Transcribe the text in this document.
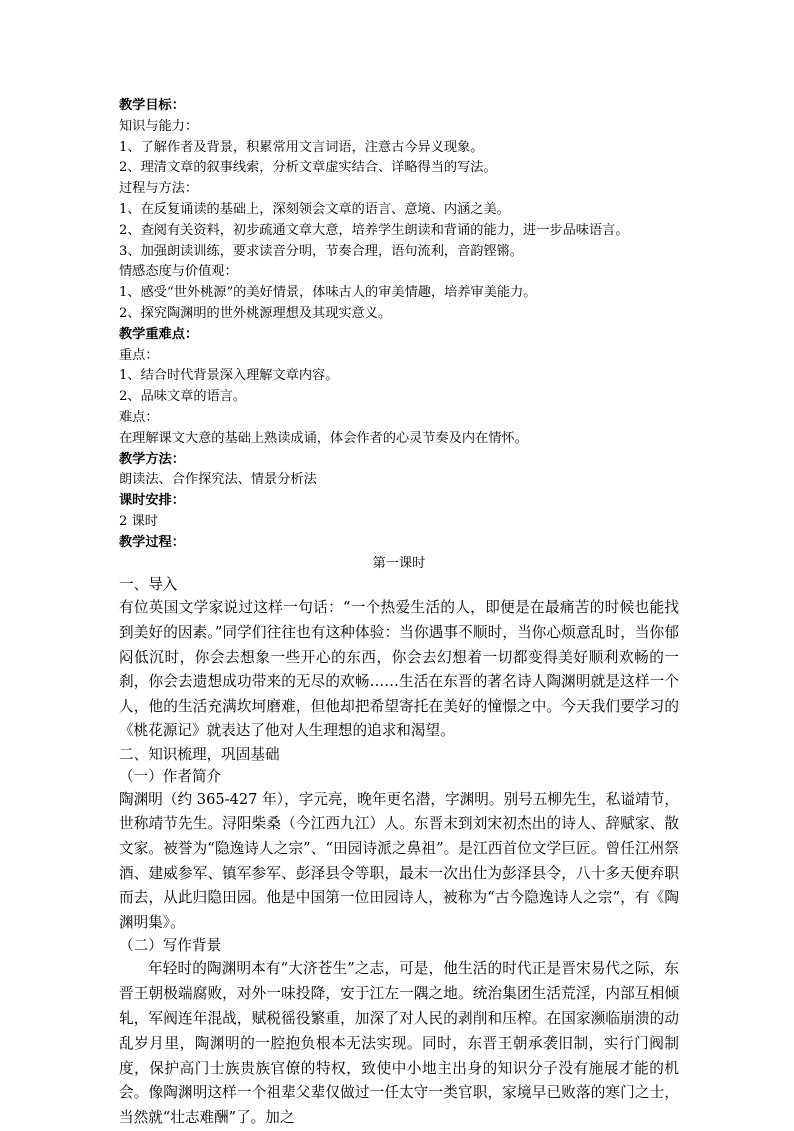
教学目标：
知识与能力：
1、了解作者及背景，积累常用文言词语，注意古今异义现象。
2、理清文章的叙事线索，分析文章虚实结合、详略得当的写法。
过程与方法：
1、在反复诵读的基础上，深刻领会文章的语言、意境、内涵之美。
2、查阅有关资料，初步疏通文章大意，培养学生朗读和背诵的能力，进一步品味语言。
3、加强朗读训练，要求读音分明，节奏合理，语句流利，音韵铿锵。
情感态度与价值观：
1、感受“世外桃源”的美好情景，体味古人的审美情趣，培养审美能力。
2、探究陶渊明的世外桃源理想及其现实意义。
教学重难点：
重点：
1、结合时代背景深入理解文章内容。
2、品味文章的语言。
难点：
在理解课文大意的基础上熟读成诵，体会作者的心灵节奏及内在情怀。
教学方法：
朗读法、合作探究法、情景分析法
课时安排：
2 课时
教学过程：
第一课时
一、导入
有位英国文学家说过这样一句话：“一个热爱生活的人，即便是在最痛苦的时候也能找到美好的因素。”同学们往往也有这种体验：当你遇事不顺时，当你心烦意乱时，当你郁闷低沉时，你会去想象一些开心的东西，你会去幻想着一切都变得美好顺利欢畅的一刹，你会去遗想成功带来的无尽的欢畅……生活在东晋的著名诗人陶渊明就是这样一个人，他的生活充满坎坷磨难，但他却把希望寄托在美好的憧憬之中。今天我们要学习的《桃花源记》就表达了他对人生理想的追求和渴望。
二、知识梳理，巩固基础
（一）作者简介
陶渊明（约 365-427 年），字元亮，晚年更名潜，字渊明。别号五柳先生，私谥靖节，世称靖节先生。浔阳柴桑（今江西九江）人。东晋末到刘宋初杰出的诗人、辞赋家、散文家。被誉为“隐逸诗人之宗”、“田园诗派之鼻祖”。是江西首位文学巨匠。曾任江州祭酒、建威参军、镇军参军、彭泽县令等职，最末一次出仕为彭泽县令，八十多天便弃职而去，从此归隐田园。他是中国第一位田园诗人，被称为“古今隐逸诗人之宗”，有《陶渊明集》。
（二）写作背景
年轻时的陶渊明本有“大济苍生”之志，可是，他生活的时代正是晋宋易代之际，东晋王朝极端腐败，对外一味投降，安于江左一隅之地。统治集团生活荒淫，内部互相倾轧，军阀连年混战，赋税徭役繁重，加深了对人民的剥削和压榨。在国家濒临崩溃的动乱岁月里，陶渊明的一腔抱负根本无法实现。同时，东晋王朝承袭旧制，实行门阀制度，保护高门士族贵族官僚的特权，致使中小地主出身的知识分子没有施展才能的机会。像陶渊明这样一个祖辈父辈仅做过一任太守一类官职，家境早已败落的寒门之士，当然就“壮志难酬”了。加之
